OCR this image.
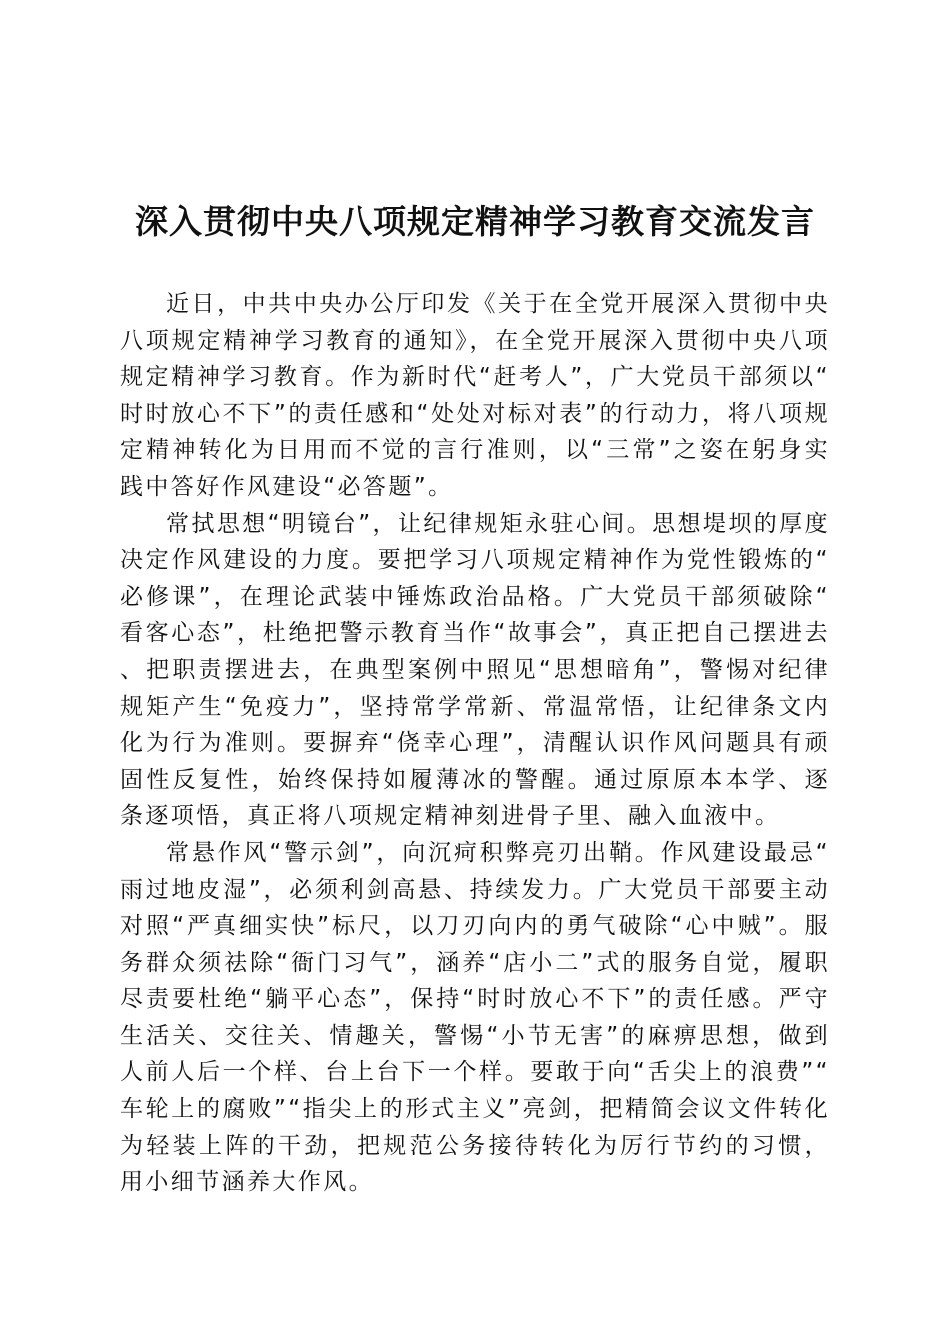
深入贯彻中央八项规定精神学习教育交流发言

近日，中共中央办公厅印发《关于在全党开展深入贯彻中央八项规定精神学习教育的通知》，在全党开展深入贯彻中央八项规定精神学习教育。作为新时代“赶考人”，广大党员干部须以“时时放心不下”的责任感和“处处对标对表”的行动力，将八项规定精神转化为日用而不觉的言行准则，以“三常”之姿在躬身实践中答好作风建设“必答题”。

常拭思想“明镜台”，让纪律规矩永驻心间。思想堤坝的厚度决定作风建设的力度。要把学习八项规定精神作为党性锻炼的“必修课”，在理论武装中锤炼政治品格。广大党员干部须破除“看客心态”，杜绝把警示教育当作“故事会”，真正把自己摆进去、把职责摆进去，在典型案例中照见“思想暗角”，警惕对纪律规矩产生“免疫力”，坚持常学常新、常温常悟，让纪律条文内化为行为准则。要摒弃“侥幸心理”，清醒认识作风问题具有顽固性反复性，始终保持如履薄冰的警醒。通过原原本本学、逐条逐项悟，真正将八项规定精神刻进骨子里、融入血液中。

常悬作风“警示剑”，向沉疴积弊亮刃出鞘。作风建设最忌“雨过地皮湿”，必须利剑高悬、持续发力。广大党员干部要主动对照“严真细实快”标尺，以刀刃向内的勇气破除“心中贼”。服务群众须祛除“衙门习气”，涵养“店小二”式的服务自觉，履职尽责要杜绝“躺平心态”，保持“时时放心不下”的责任感。严守生活关、交往关、情趣关，警惕“小节无害”的麻痹思想，做到人前人后一个样、台上台下一个样。要敢于向“舌尖上的浪费”“车轮上的腐败”“指尖上的形式主义”亮剑，把精简会议文件转化为轻装上阵的干劲，把规范公务接待转化为厉行节约的习惯，用小细节涵养大作风。
